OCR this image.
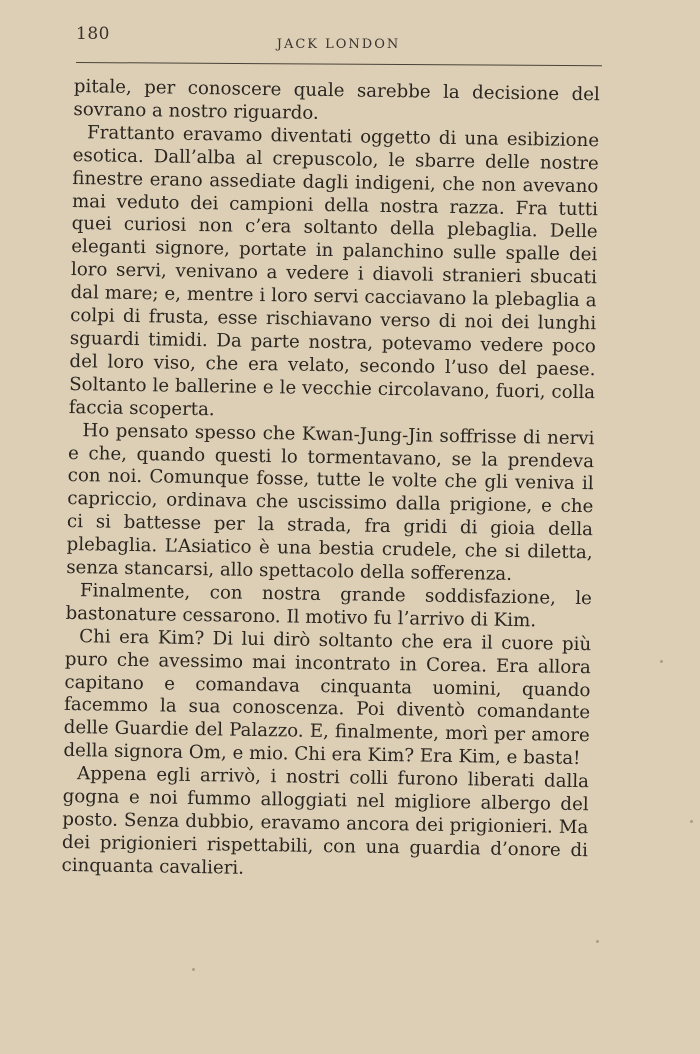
180
JACK LONDON

pitale, per conoscere quale sarebbe la decisione del sovrano a nostro riguardo.

Frattanto eravamo diventati oggetto di una esibizione esotica. Dall’alba al crepuscolo, le sbarre delle nostre finestre erano assediate dagli indigeni, che non avevano mai veduto dei campioni della nostra razza. Fra tutti quei curiosi non c’era soltanto della plebaglia. Delle eleganti signore, portate in palanchino sulle spalle dei loro servi, venivano a vedere i diavoli stranieri sbucati dal mare; e, mentre i loro servi cacciavano la plebaglia a colpi di frusta, esse rischiavano verso di noi dei lunghi sguardi timidi. Da parte nostra, potevamo vedere poco del loro viso, che era velato, secondo l’uso del paese. Soltanto le ballerine e le vecchie circolavano, fuori, colla faccia scoperta.

Ho pensato spesso che Kwan-Jung-Jin soffrisse di nervi e che, quando questi lo tormentavano, se la prendeva con noi. Comunque fosse, tutte le volte che gli veniva il capriccio, ordinava che uscissimo dalla prigione, e che ci si battesse per la strada, fra gridi di gioia della plebaglia. L’Asiatico è una bestia crudele, che si diletta, senza stancarsi, allo spettacolo della sofferenza.

Finalmente, con nostra grande soddisfazione, le bastonature cessarono. Il motivo fu l’arrivo di Kim.

Chi era Kim? Di lui dirò soltanto che era il cuore più puro che avessimo mai incontrato in Corea. Era allora capitano e comandava cinquanta uomini, quando facemmo la sua conoscenza. Poi diventò comandante delle Guardie del Palazzo. E, finalmente, morì per amore della signora Om, e mio. Chi era Kim? Era Kim, e basta!

Appena egli arrivò, i nostri colli furono liberati dalla gogna e noi fummo alloggiati nel migliore albergo del posto. Senza dubbio, eravamo ancora dei prigionieri. Ma dei prigionieri rispettabili, con una guardia d’onore di cinquanta cavalieri.
